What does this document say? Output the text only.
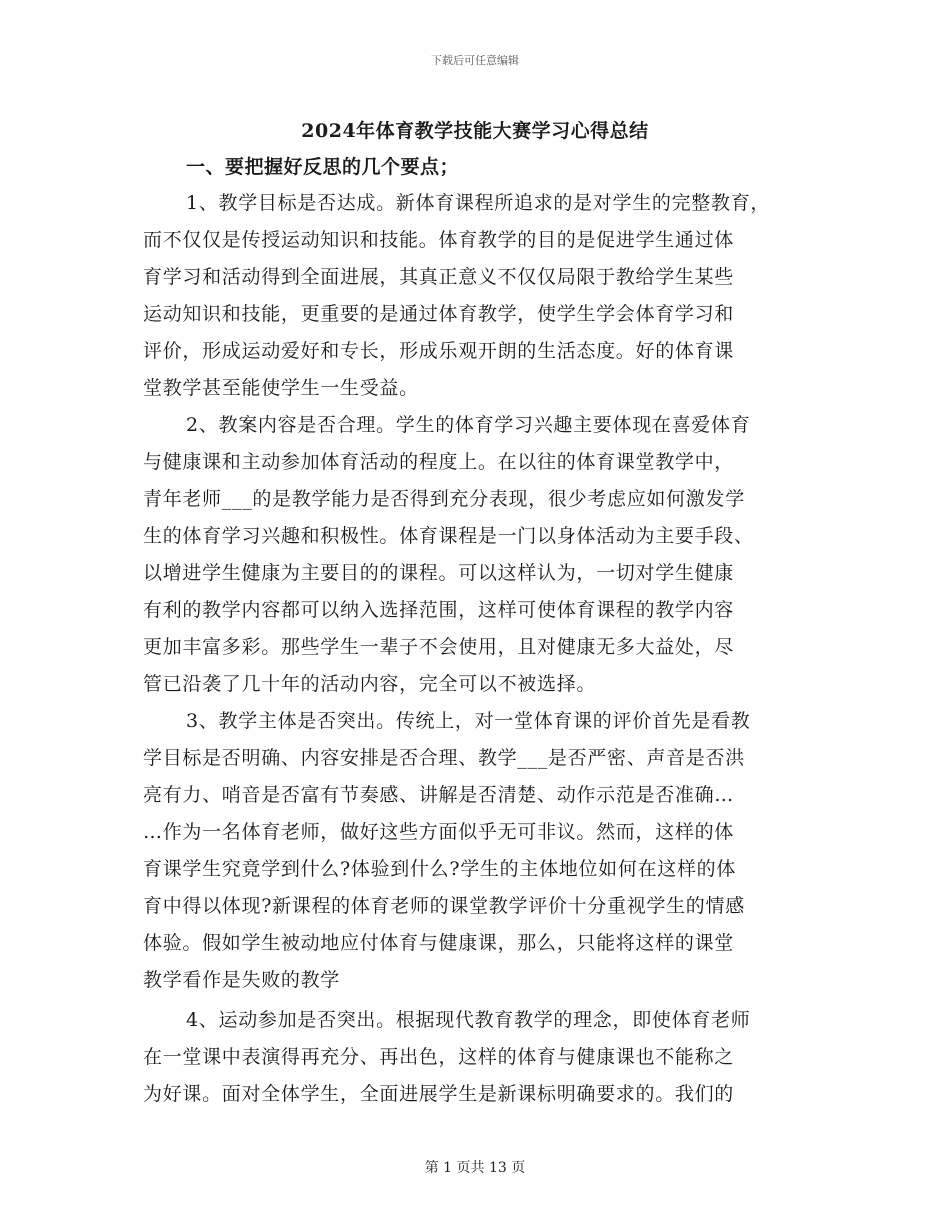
下载后可任意编辑
2024年体育教学技能大赛学习心得总结
一、要把握好反思的几个要点；
1、教学目标是否达成。新体育课程所追求的是对学生的完整教育，
而不仅仅是传授运动知识和技能。体育教学的目的是促进学生通过体
育学习和活动得到全面进展，其真正意义不仅仅局限于教给学生某些
运动知识和技能，更重要的是通过体育教学，使学生学会体育学习和
评价，形成运动爱好和专长，形成乐观开朗的生活态度。好的体育课
堂教学甚至能使学生一生受益。
2、教案内容是否合理。学生的体育学习兴趣主要体现在喜爱体育
与健康课和主动参加体育活动的程度上。在以往的体育课堂教学中，
青年老师___的是教学能力是否得到充分表现，很少考虑应如何激发学
生的体育学习兴趣和积极性。体育课程是一门以身体活动为主要手段、
以增进学生健康为主要目的的课程。可以这样认为，一切对学生健康
有利的教学内容都可以纳入选择范围，这样可使体育课程的教学内容
更加丰富多彩。那些学生一辈子不会使用，且对健康无多大益处，尽
管已沿袭了几十年的活动内容，完全可以不被选择。
3、教学主体是否突出。传统上，对一堂体育课的评价首先是看教
学目标是否明确、内容安排是否合理、教学___是否严密、声音是否洪
亮有力、哨音是否富有节奏感、讲解是否清楚、动作示范是否准确…
…作为一名体育老师，做好这些方面似乎无可非议。然而，这样的体
育课学生究竟学到什么?体验到什么?学生的主体地位如何在这样的体
育中得以体现?新课程的体育老师的课堂教学评价十分重视学生的情感
体验。假如学生被动地应付体育与健康课，那么，只能将这样的课堂
教学看作是失败的教学
4、运动参加是否突出。根据现代教育教学的理念，即使体育老师
在一堂课中表演得再充分、再出色，这样的体育与健康课也不能称之
为好课。面对全体学生，全面进展学生是新课标明确要求的。我们的
第 1 页共 13 页
